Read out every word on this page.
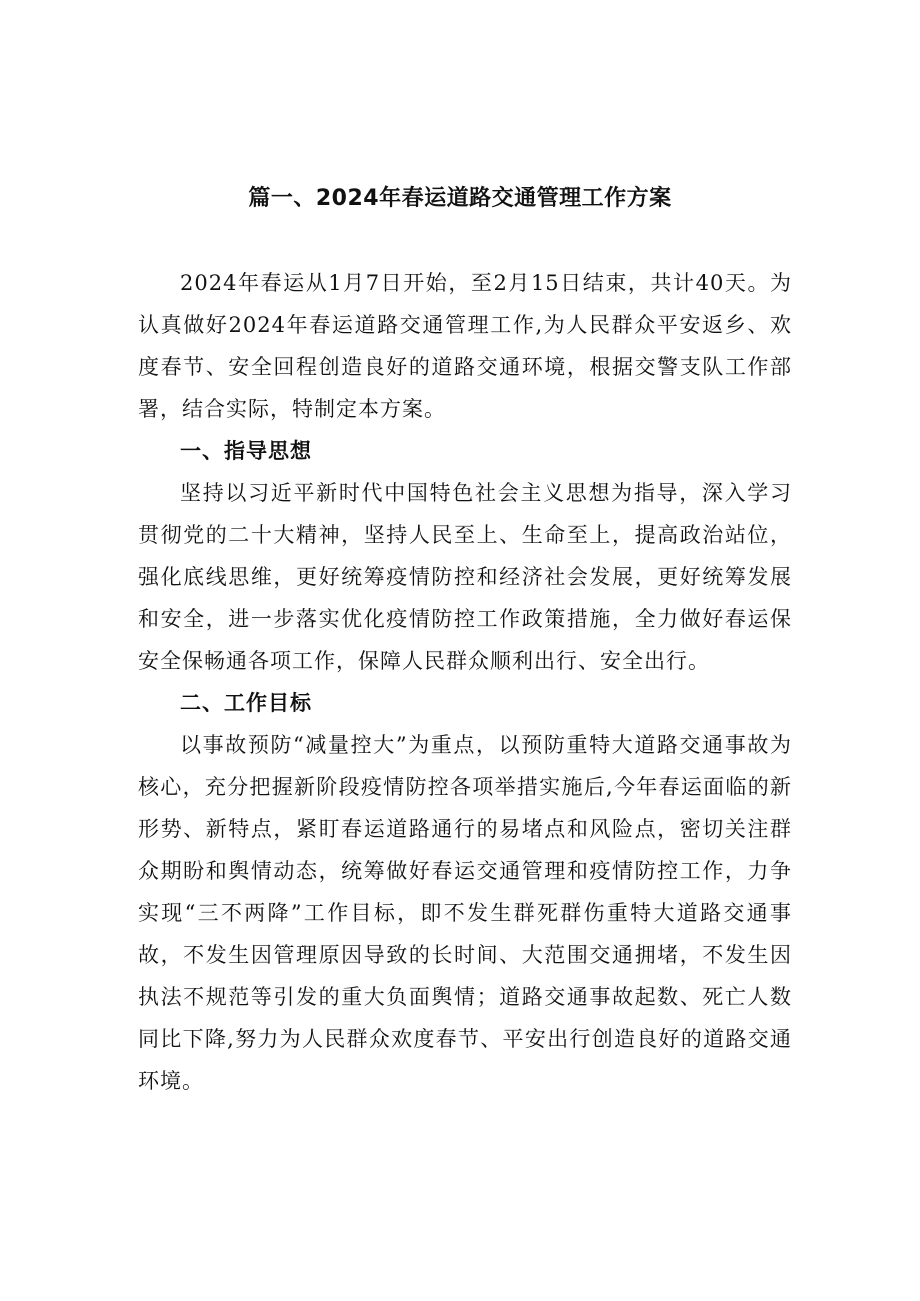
篇一、2024年春运道路交通管理工作方案

2024年春运从1月7日开始，至2月15日结束，共计40天。为认真做好2024年春运道路交通管理工作,为人民群众平安返乡、欢度春节、安全回程创造良好的道路交通环境，根据交警支队工作部署，结合实际，特制定本方案。

一、指导思想

坚持以习近平新时代中国特色社会主义思想为指导，深入学习贯彻党的二十大精神，坚持人民至上、生命至上，提高政治站位，强化底线思维，更好统筹疫情防控和经济社会发展，更好统筹发展和安全，进一步落实优化疫情防控工作政策措施，全力做好春运保安全保畅通各项工作，保障人民群众顺利出行、安全出行。

二、工作目标

以事故预防“减量控大”为重点，以预防重特大道路交通事故为核心，充分把握新阶段疫情防控各项举措实施后,今年春运面临的新形势、新特点，紧盯春运道路通行的易堵点和风险点，密切关注群众期盼和舆情动态，统筹做好春运交通管理和疫情防控工作，力争实现“三不两降”工作目标，即不发生群死群伤重特大道路交通事故，不发生因管理原因导致的长时间、大范围交通拥堵，不发生因执法不规范等引发的重大负面舆情；道路交通事故起数、死亡人数同比下降,努力为人民群众欢度春节、平安出行创造良好的道路交通环境。
